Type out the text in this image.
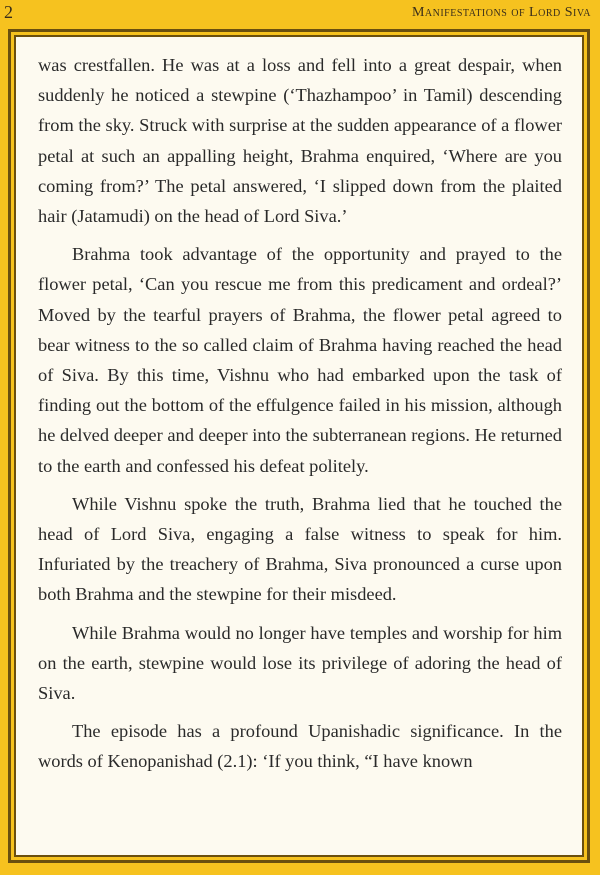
2	Manifestations of Lord Siva

was crestfallen. He was at a loss and fell into a great despair, when suddenly he noticed a stewpine (‘Thazhampoo’ in Tamil) descending from the sky. Struck with surprise at the sudden appearance of a flower petal at such an appalling height, Brahma enquired, ‘Where are you coming from?’ The petal answered, ‘I slipped down from the plaited hair (Jatamudi) on the head of Lord Siva.’

Brahma took advantage of the opportunity and prayed to the flower petal, ‘Can you rescue me from this predicament and ordeal?’ Moved by the tearful prayers of Brahma, the flower petal agreed to bear witness to the so called claim of Brahma having reached the head of Siva. By this time, Vishnu who had embarked upon the task of finding out the bottom of the effulgence failed in his mission, although he delved deeper and deeper into the subterranean regions. He returned to the earth and confessed his defeat politely.

While Vishnu spoke the truth, Brahma lied that he touched the head of Lord Siva, engaging a false witness to speak for him. Infuriated by the treachery of Brahma, Siva pronounced a curse upon both Brahma and the stewpine for their misdeed.

While Brahma would no longer have temples and worship for him on the earth, stewpine would lose its privilege of adoring the head of Siva.

The episode has a profound Upanishadic significance. In the words of Kenopanishad (2.1): ‘If you think, “I have known
